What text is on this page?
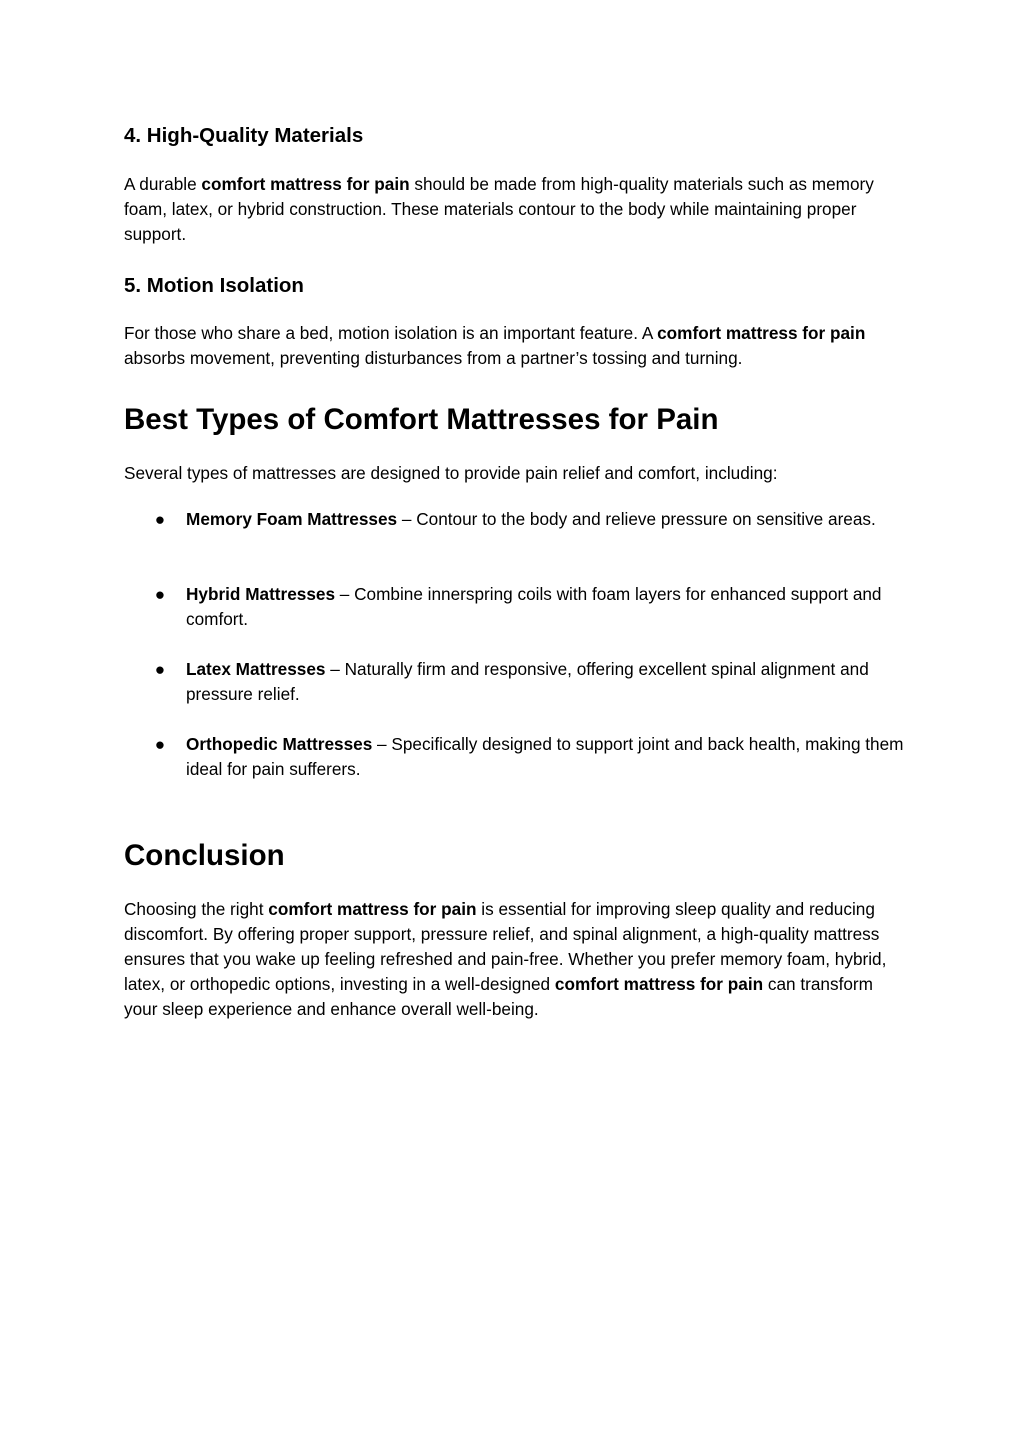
4. High-Quality Materials

A durable comfort mattress for pain should be made from high-quality materials such as memory foam, latex, or hybrid construction. These materials contour to the body while maintaining proper support.

5. Motion Isolation

For those who share a bed, motion isolation is an important feature. A comfort mattress for pain absorbs movement, preventing disturbances from a partner’s tossing and turning.

Best Types of Comfort Mattresses for Pain

Several types of mattresses are designed to provide pain relief and comfort, including:

● Memory Foam Mattresses – Contour to the body and relieve pressure on sensitive areas.
● Hybrid Mattresses – Combine innerspring coils with foam layers for enhanced support and comfort.
● Latex Mattresses – Naturally firm and responsive, offering excellent spinal alignment and pressure relief.
● Orthopedic Mattresses – Specifically designed to support joint and back health, making them ideal for pain sufferers.
Conclusion

Choosing the right comfort mattress for pain is essential for improving sleep quality and reducing discomfort. By offering proper support, pressure relief, and spinal alignment, a high-quality mattress ensures that you wake up feeling refreshed and pain-free. Whether you prefer memory foam, hybrid, latex, or orthopedic options, investing in a well-designed comfort mattress for pain can transform your sleep experience and enhance overall well-being.
